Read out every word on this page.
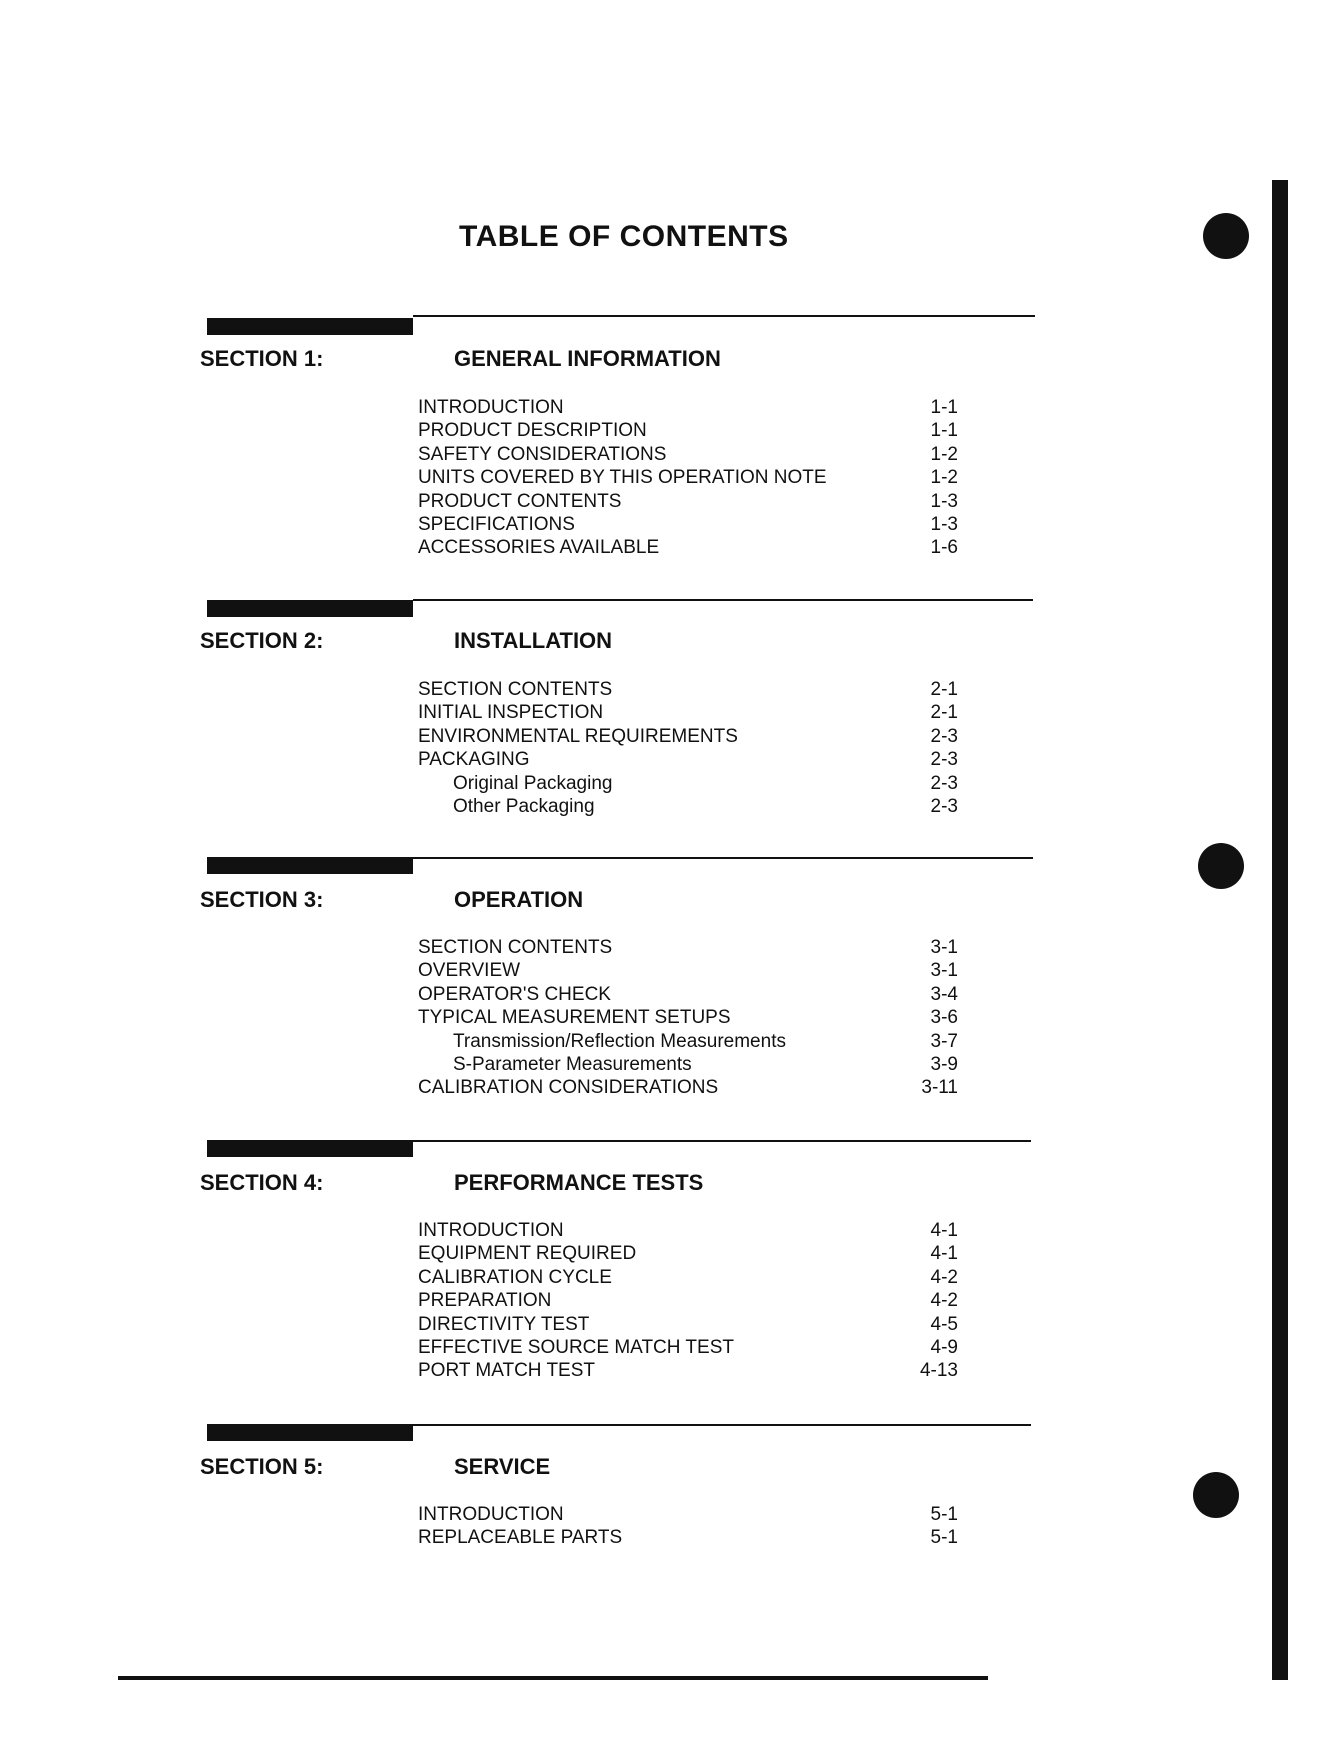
TABLE OF CONTENTS
SECTION 1:	GENERAL INFORMATION
INTRODUCTION	1-1
PRODUCT DESCRIPTION	1-1
SAFETY CONSIDERATIONS	1-2
UNITS COVERED BY THIS OPERATION NOTE	1-2
PRODUCT CONTENTS	1-3
SPECIFICATIONS	1-3
ACCESSORIES AVAILABLE	1-6
SECTION 2:	INSTALLATION
SECTION CONTENTS	2-1
INITIAL INSPECTION	2-1
ENVIRONMENTAL REQUIREMENTS	2-3
PACKAGING	2-3
Original Packaging	2-3
Other Packaging	2-3
SECTION 3:	OPERATION
SECTION CONTENTS	3-1
OVERVIEW	3-1
OPERATOR'S CHECK	3-4
TYPICAL MEASUREMENT SETUPS	3-6
Transmission/Reflection Measurements	3-7
S-Parameter Measurements	3-9
CALIBRATION CONSIDERATIONS	3-11
SECTION 4:	PERFORMANCE TESTS
INTRODUCTION	4-1
EQUIPMENT REQUIRED	4-1
CALIBRATION CYCLE	4-2
PREPARATION	4-2
DIRECTIVITY TEST	4-5
EFFECTIVE SOURCE MATCH TEST	4-9
PORT MATCH TEST	4-13
SECTION 5:	SERVICE
INTRODUCTION	5-1
REPLACEABLE PARTS	5-1
